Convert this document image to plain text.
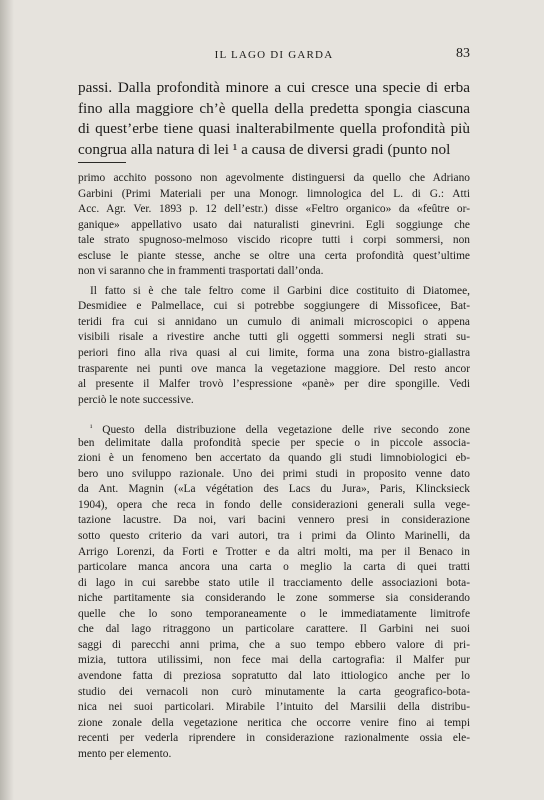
IL LAGO DI GARDA	83
passi. Dalla profondità minore a cui cresce una specie di erba
fino alla maggiore ch’è quella della predetta spongia ciascuna
di quest’erbe tiene quasi inalterabilmente quella profondità più
congrua alla natura di lei ¹ a causa de diversi gradi (punto nol
primo acchito possono non agevolmente distinguersi da quello che Adriano
Garbini (Primi Materiali per una Monogr. limnologica del L. di G.: Atti
Acc. Agr. Ver. 1893 p. 12 dell’estr.) disse «Feltro organico» da «feûtre or-
ganique» appellativo usato dai naturalisti ginevrini. Egli soggiunge che
tale strato spugnoso-melmoso viscido ricopre tutti i corpi sommersi, non
escluse le piante stesse, anche se oltre una certa profondità quest’ultime
non vi saranno che in frammenti trasportati dall’onda.
Il fatto si è che tale feltro come il Garbini dice costituito di Diatomee,
Desmidiee e Palmellace, cui si potrebbe soggiungere di Missoficee, Bat-
teridi fra cui si annidano un cumulo di animali microscopici o appena
visibili risale a rivestire anche tutti gli oggetti sommersi negli strati su-
periori fino alla riva quasi al cui limite, forma una zona bistro-giallastra
trasparente nei punti ove manca la vegetazione maggiore. Del resto ancor
al presente il Malfer trovò l’espressione «panè» per dire spongille. Vedi
perciò le note successive.
$^{^1}$ Questo della distribuzione della vegetazione delle rive secondo zone
ben delimitate dalla profondità specie per specie o in piccole associa-
zioni è un fenomeno ben accertato da quando gli studi limnobiologici eb-
bero uno sviluppo razionale. Uno dei primi studi in proposito venne dato
da Ant. Magnin («La végétation des Lacs du Jura», Paris, Klincksieck
1904), opera che reca in fondo delle considerazioni generali sulla vege-
tazione lacustre. Da noi, vari bacini vennero presi in considerazione
sotto questo criterio da vari autori, tra i primi da Olinto Marinelli, da
Arrigo Lorenzi, da Forti e Trotter e da altri molti, ma per il Benaco in
particolare manca ancora una carta o meglio la carta di quei tratti
di lago in cui sarebbe stato utile il tracciamento delle associazioni bota-
niche partitamente sia considerando le zone sommerse sia considerando
quelle che lo sono temporaneamente o le immediatamente limitrofe
che dal lago ritraggono un particolare carattere. Il Garbini nei suoi
saggi di parecchi anni prima, che a suo tempo ebbero valore di pri-
mizia, tuttora utilissimi, non fece mai della cartografia: il Malfer pur
avendone fatta di preziosa sopratutto dal lato ittiologico anche per lo
studio dei vernacoli non curò minutamente la carta geografico-bota-
nica nei suoi particolari. Mirabile l’intuito del Marsilii della distribu-
zione zonale della vegetazione neritica che occorre venire fino ai tempi
recenti per vederla riprendere in considerazione razionalmente ossia ele-
mento per elemento.
